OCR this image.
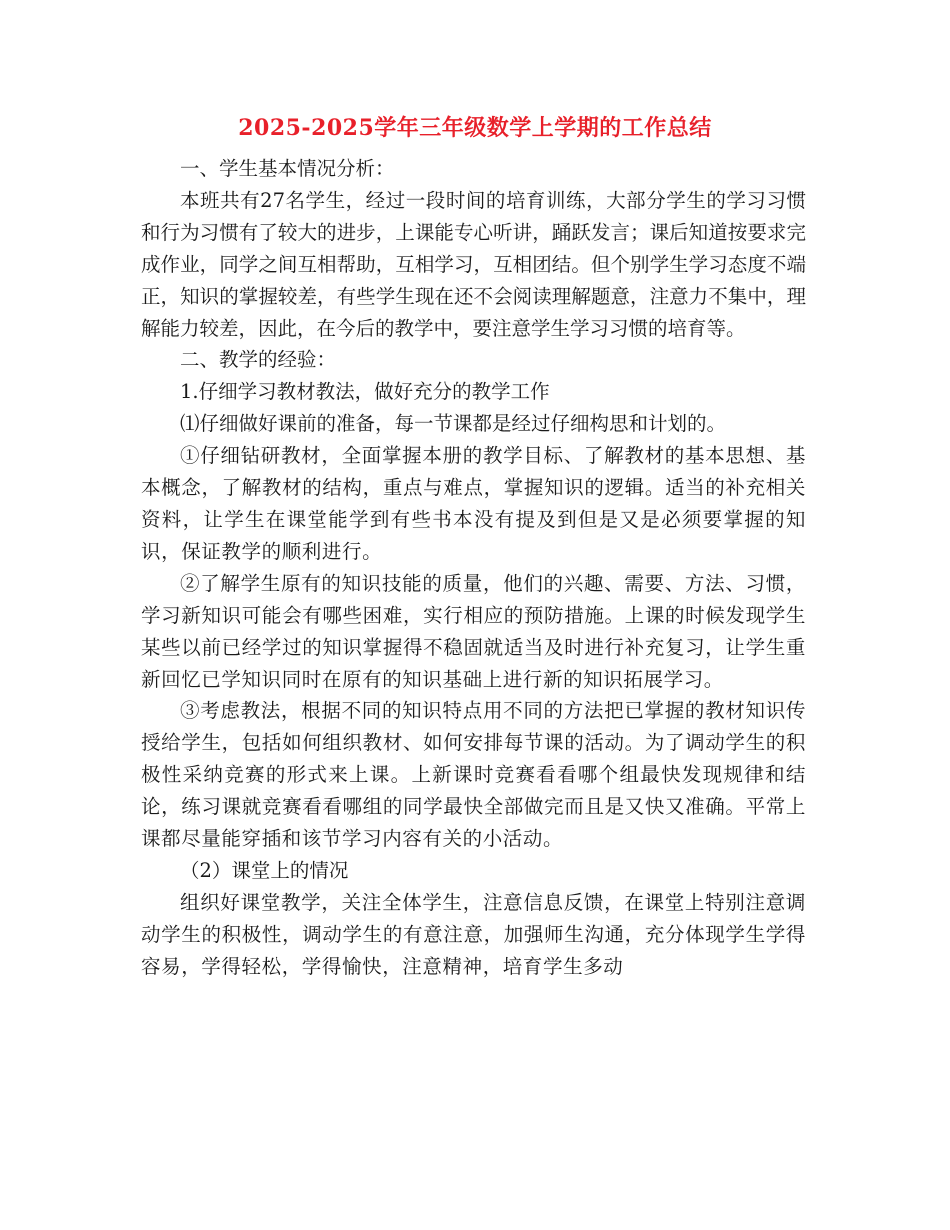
2025-2025学年三年级数学上学期的工作总结

一、学生基本情况分析：

本班共有27名学生，经过一段时间的培育训练，大部分学生的学习习惯和行为习惯有了较大的进步，上课能专心听讲，踊跃发言；课后知道按要求完成作业，同学之间互相帮助，互相学习，互相团结。但个别学生学习态度不端正，知识的掌握较差，有些学生现在还不会阅读理解题意，注意力不集中，理解能力较差，因此，在今后的教学中，要注意学生学习习惯的培育等。

二、教学的经验：

1.仔细学习教材教法，做好充分的教学工作

⑴仔细做好课前的准备，每一节课都是经过仔细构思和计划的。

①仔细钻研教材，全面掌握本册的教学目标、了解教材的基本思想、基本概念，了解教材的结构，重点与难点，掌握知识的逻辑。适当的补充相关资料，让学生在课堂能学到有些书本没有提及到但是又是必须要掌握的知识，保证教学的顺利进行。

②了解学生原有的知识技能的质量，他们的兴趣、需要、方法、习惯，学习新知识可能会有哪些困难，实行相应的预防措施。上课的时候发现学生某些以前已经学过的知识掌握得不稳固就适当及时进行补充复习，让学生重新回忆已学知识同时在原有的知识基础上进行新的知识拓展学习。

③考虑教法，根据不同的知识特点用不同的方法把已掌握的教材知识传授给学生，包括如何组织教材、如何安排每节课的活动。为了调动学生的积极性采纳竞赛的形式来上课。上新课时竞赛看看哪个组最快发现规律和结论，练习课就竞赛看看哪组的同学最快全部做完而且是又快又准确。平常上课都尽量能穿插和该节学习内容有关的小活动。

（2）课堂上的情况

组织好课堂教学，关注全体学生，注意信息反馈，在课堂上特别注意调动学生的积极性，调动学生的有意注意，加强师生沟通，充分体现学生学得容易，学得轻松，学得愉快，注意精神，培育学生多动
